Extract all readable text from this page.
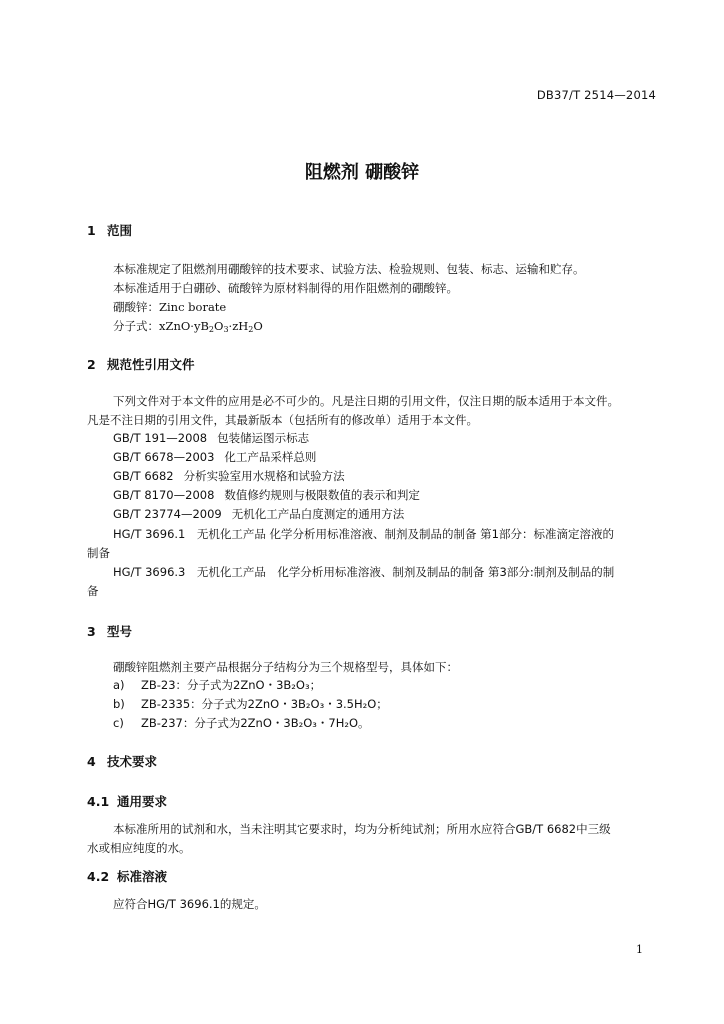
DB37/T 2514—2014
阻燃剂 硼酸锌
1 范围
本标准规定了阻燃剂用硼酸锌的技术要求、试验方法、检验规则、包装、标志、运输和贮存。
本标准适用于白硼砂、硫酸锌为原材料制得的用作阻燃剂的硼酸锌。
硼酸锌：Zinc borate
分子式：$xZnO\cdot yB_2O_3\cdot zH_2O$
2 规范性引用文件
下列文件对于本文件的应用是必不可少的。凡是注日期的引用文件，仅注日期的版本适用于本文件。
凡是不注日期的引用文件，其最新版本（包括所有的修改单）适用于本文件。
GB/T 191—2008 包装储运图示标志
GB/T 6678—2003 化工产品采样总则
GB/T 6682 分析实验室用水规格和试验方法
GB/T 8170—2008 数值修约规则与极限数值的表示和判定
GB/T 23774—2009 无机化工产品白度测定的通用方法
HG/T 3696.1　无机化工产品 化学分析用标准溶液、制剂及制品的制备 第1部分：标准滴定溶液的
制备
HG/T 3696.3　无机化工产品　化学分析用标准溶液、制剂及制品的制备 第3部分:制剂及制品的制
备
3 型号
硼酸锌阻燃剂主要产品根据分子结构分为三个规格型号，具体如下：
a) ZB-23：分子式为2ZnO・3B₂O₃；
b) ZB-2335：分子式为2ZnO・3B₂O₃・3.5H₂O；
c) ZB-237：分子式为2ZnO・3B₂O₃・7H₂O。
4 技术要求
4.1 通用要求
本标准所用的试剂和水，当未注明其它要求时，均为分析纯试剂；所用水应符合GB/T 6682中三级
水或相应纯度的水。
4.2 标准溶液
应符合HG/T 3696.1的规定。
1
